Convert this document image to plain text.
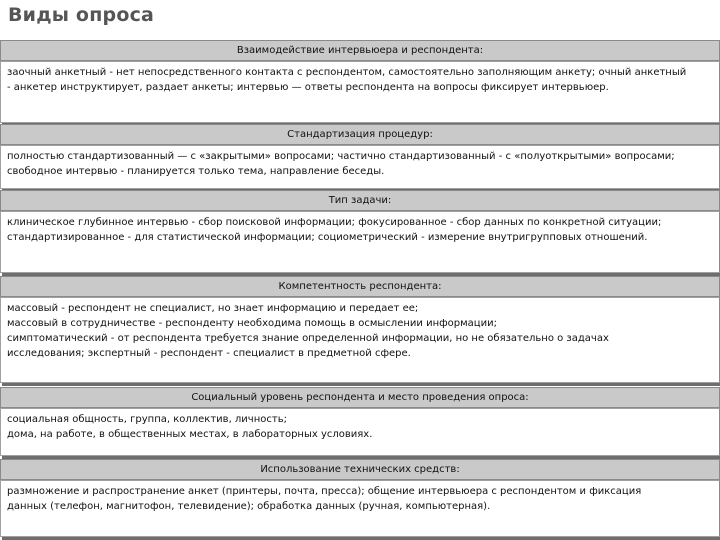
Виды опроса
Взаимодействие интервьюера и респондента:
заочный анкетный - нет непосредственного контакта с респондентом, самостоятельно заполняющим анкету; очный анкетный
- анкетер инструктирует, раздает анкеты; интервью — ответы респондента на вопросы фиксирует интервьюер.
Стандартизация процедур:
полностью стандартизованный — с «закрытыми» вопросами; частично стандартизованный - с «полуоткрытыми» вопросами;
свободное интервью - планируется только тема, направление беседы.
Тип задачи:
клиническое глубинное интервью - сбор поисковой информации; фокусированное - сбор данных по конкретной ситуации;
стандартизированное - для статистической информации; социометрический - измерение внутригрупповых отношений.
Компетентность респондента:
массовый - респондент не специалист, но знает информацию и передает ее;
массовый в сотрудничестве - респонденту необходима помощь в осмыслении информации;
симптоматический - от респондента требуется знание определенной информации, но не обязательно о задачах
исследования; экспертный - респондент - специалист в предметной сфере.
Социальный уровень респондента и место проведения опроса:
социальная общность, группа, коллектив, личность;
дома, на работе, в общественных местах, в лабораторных условиях.
Использование технических средств:
размножение и распространение анкет (принтеры, почта, пресса); общение интервьюера с респондентом и фиксация
данных (телефон, магнитофон, телевидение); обработка данных (ручная, компьютерная).
